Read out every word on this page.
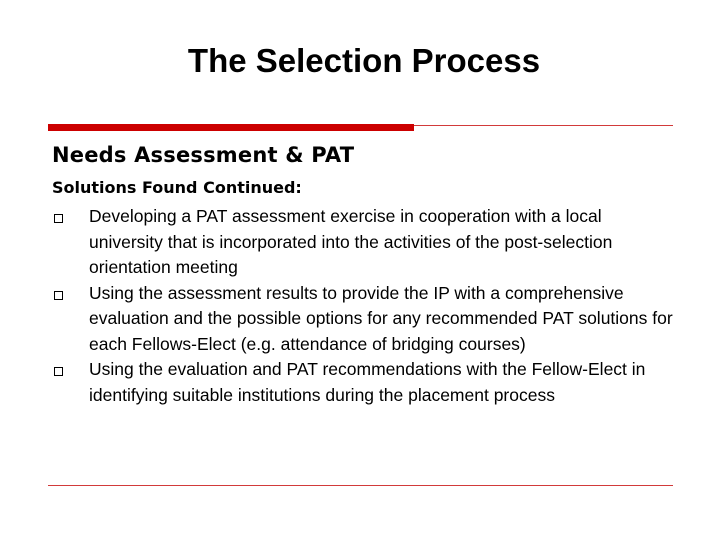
The Selection Process
Needs Assessment & PAT
Solutions Found Continued:
Developing a PAT assessment exercise in cooperation with a local university that is incorporated into the activities of the post-selection orientation meeting
Using the assessment results to provide the IP with a comprehensive evaluation and the possible options for any recommended PAT solutions for each Fellows-Elect (e.g. attendance of bridging courses)
Using the evaluation and PAT recommendations with the Fellow-Elect in identifying suitable institutions during the placement process
